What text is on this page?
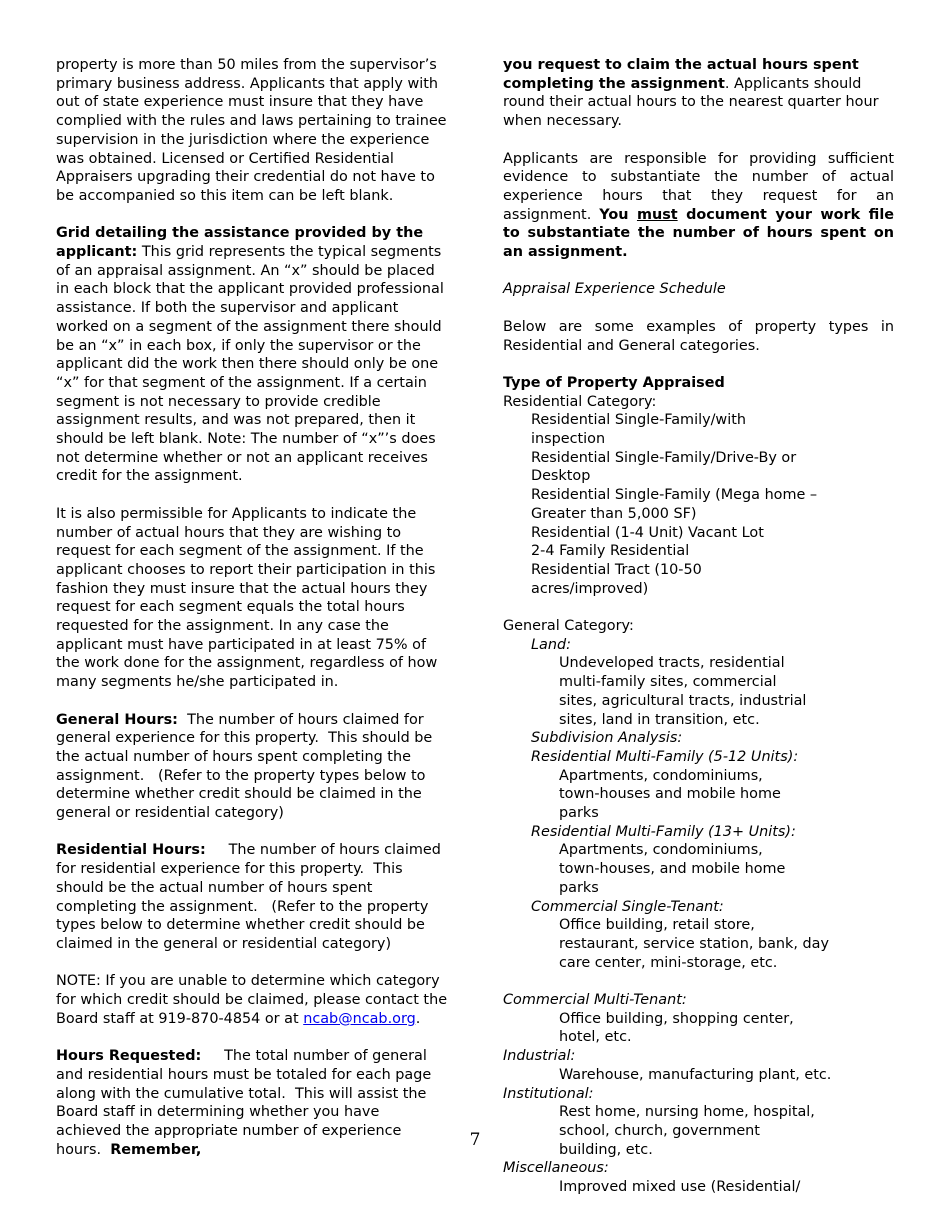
property is more than 50 miles from the supervisor’s primary business address. Applicants that apply with out of state experience must insure that they have complied with the rules and laws pertaining to trainee supervision in the jurisdiction where the experience was obtained. Licensed or Certified Residential Appraisers upgrading their credential do not have to be accompanied so this item can be left blank.

Grid detailing the assistance provided by the applicant: This grid represents the typical segments of an appraisal assignment. An “x” should be placed in each block that the applicant provided professional assistance. If both the supervisor and applicant worked on a segment of the assignment there should be an “x” in each box, if only the supervisor or the applicant did the work then there should only be one “x” for that segment of the assignment. If a certain segment is not necessary to provide credible assignment results, and was not prepared, then it should be left blank. Note: The number of “x”’s does not determine whether or not an applicant receives credit for the assignment.

It is also permissible for Applicants to indicate the number of actual hours that they are wishing to request for each segment of the assignment. If the applicant chooses to report their participation in this fashion they must insure that the actual hours they request for each segment equals the total hours requested for the assignment. In any case the applicant must have participated in at least 75% of the work done for the assignment, regardless of how many segments he/she participated in.

General Hours:  The number of hours claimed for general experience for this property.  This should be the actual number of hours spent completing the assignment.   (Refer to the property types below to determine whether credit should be claimed in the general or residential category)

Residential Hours:     The number of hours claimed for residential experience for this property.  This should be the actual number of hours spent completing the assignment.   (Refer to the property types below to determine whether credit should be claimed in the general or residential category)

NOTE: If you are unable to determine which category for which credit should be claimed, please contact the Board staff at 919-870-4854 or at ncab@ncab.org.

Hours Requested:     The total number of general and residential hours must be totaled for each page along with the cumulative total.  This will assist the Board staff in determining whether you have achieved the appropriate number of experience hours.  Remember,

you request to claim the actual hours spent completing the assignment. Applicants should round their actual hours to the nearest quarter hour when necessary.

Applicants are responsible for providing sufficient evidence to substantiate the number of actual experience hours that they request for an assignment. You must document your work file to substantiate the number of hours spent on an assignment.

Appraisal Experience Schedule

Below are some examples of property types in Residential and General categories.

Type of Property Appraised

Residential Category:

Residential Single-Family/with inspection

Residential Single-Family/Drive-By or Desktop

Residential Single-Family (Mega home – Greater than 5,000 SF)

Residential (1-4 Unit) Vacant Lot

2-4 Family Residential

Residential Tract (10-50 acres/improved)

General Category:

Land:

Undeveloped tracts, residential multi-family sites, commercial sites, agricultural tracts, industrial sites, land in transition, etc.

Subdivision Analysis:

Residential Multi-Family (5-12 Units):

Apartments, condominiums, town-houses and mobile home parks

Residential Multi-Family (13+ Units):

Apartments, condominiums, town-houses, and mobile home parks

Commercial Single-Tenant:

Office building, retail store, restaurant, service station, bank, day care center, mini-storage, etc.

Commercial Multi-Tenant:

Office building, shopping center, hotel, etc.

Industrial:

Warehouse, manufacturing plant, etc.

Institutional:

Rest home, nursing home, hospital, school, church, government building, etc.

Miscellaneous:

Improved mixed use (Residential/

7
